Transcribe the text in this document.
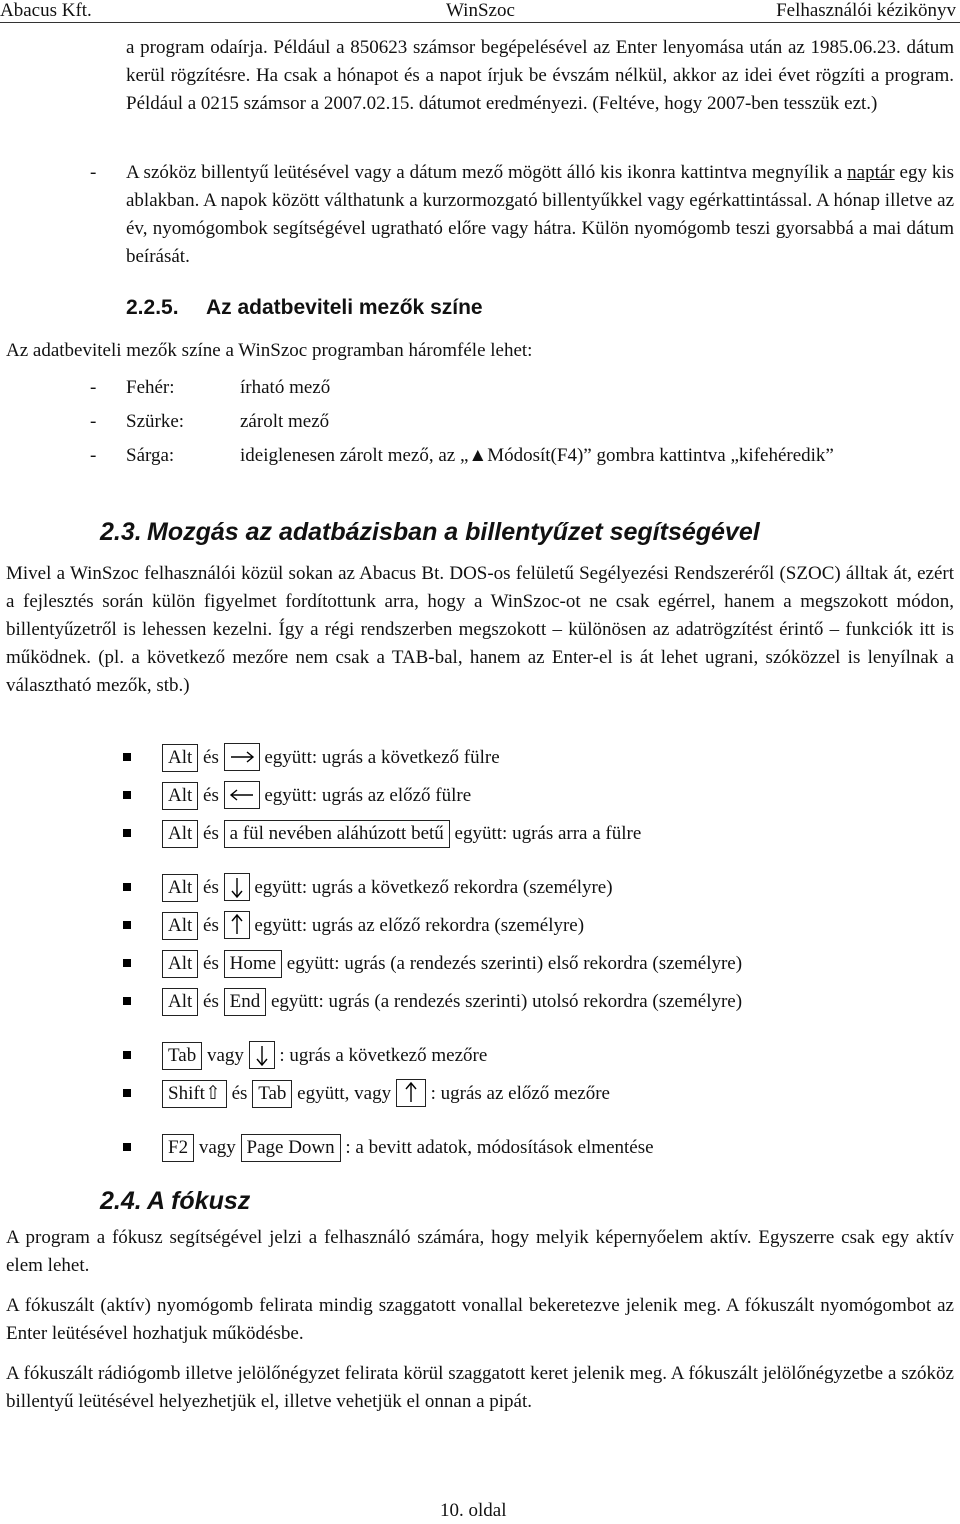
Abacus Kft.	WinSzoc	Felhasználói kézikönyv
a program odaírja. Például a 850623 számsor begépelésével az Enter lenyomása után az 1985.06.23. dátum kerül rögzítésre. Ha csak a hónapot és a napot írjuk be évszám nélkül, akkor az idei évet rögzíti a program. Például a 0215 számsor a 2007.02.15. dátumot eredményezi. (Feltéve, hogy 2007-ben tesszük ezt.)
- A szóköz billentyű leütésével vagy a dátum mező mögött álló kis ikonra kattintva megnyílik a naptár egy kis ablakban. A napok között válthatunk a kurzormozgató billentyűkkel vagy egérkattintással. A hónap illetve az év, nyomógombok segítségével ugratható előre vagy hátra. Külön nyomógomb teszi gyorsabbá a mai dátum beírását.
2.2.5. Az adatbeviteli mezők színe
Az adatbeviteli mezők színe a WinSzoc programban háromféle lehet:
- Fehér:	írható mező
- Szürke:	zárolt mező
- Sárga:	ideiglenesen zárolt mező, az „▲Módosít(F4)” gombra kattintva „kifehéredik”
2.3. Mozgás az adatbázisban a billentyűzet segítségével
Mivel a WinSzoc felhasználói közül sokan az Abacus Bt. DOS-os felületű Segélyezési Rendszeréről (SZOC) álltak át, ezért a fejlesztés során külön figyelmet fordítottunk arra, hogy a WinSzoc-ot ne csak egérrel, hanem a megszokott módon, billentyűzetről is lehessen kezelni. Így a régi rendszerben megszokott – különösen az adatrögzítést érintő – funkciók itt is működnek. (pl. a következő mezőre nem csak a TAB-bal, hanem az Enter-el is át lehet ugrani, szóközzel is lenyílnak a választható mezők, stb.)
Alt és együtt: ugrás a következő fülre
Alt és együtt: ugrás az előző fülre
Alt és a fül nevében aláhúzott betű együtt: ugrás arra a fülre
Alt és együtt: ugrás a következő rekordra (személyre)
Alt és együtt: ugrás az előző rekordra (személyre)
Alt és Home együtt: ugrás (a rendezés szerinti) első rekordra (személyre)
Alt és End együtt: ugrás (a rendezés szerinti) utolsó rekordra (személyre)
Tab vagy : ugrás a következő mezőre
Shift⇧ és Tab együtt, vagy : ugrás az előző mezőre
F2 vagy Page Down : a bevitt adatok, módosítások elmentése
2.4. A fókusz
A program a fókusz segítségével jelzi a felhasználó számára, hogy melyik képernyőelem aktív. Egyszerre csak egy aktív elem lehet.
A fókuszált (aktív) nyomógomb felirata mindig szaggatott vonallal bekeretezve jelenik meg. A fókuszált nyomógombot az Enter leütésével hozhatjuk működésbe.
A fókuszált rádiógomb illetve jelölőnégyzet felirata körül szaggatott keret jelenik meg. A fókuszált jelölőnégyzetbe a szóköz billentyű leütésével helyezhetjük el, illetve vehetjük el onnan a pipát.
10. oldal
